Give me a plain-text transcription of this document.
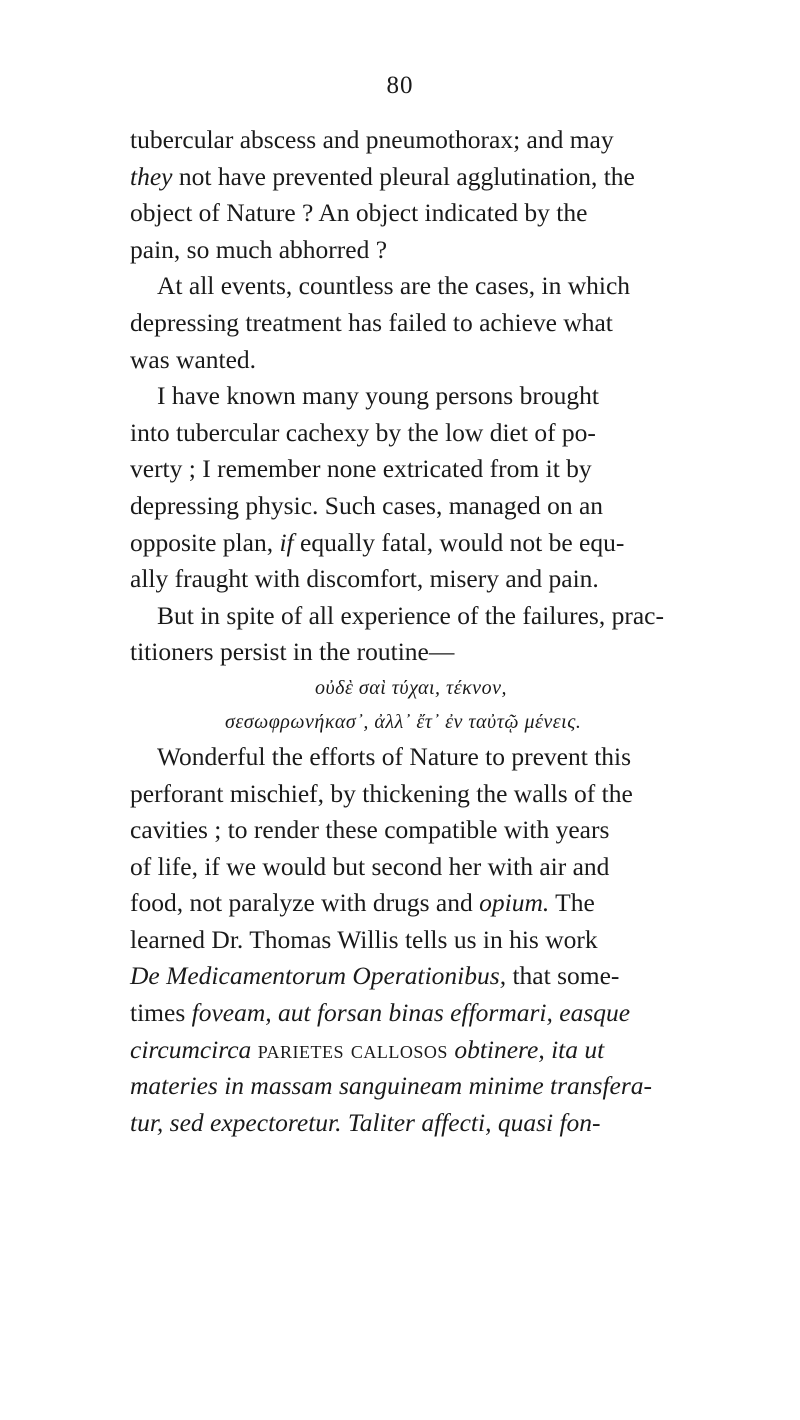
80
tubercular abscess and pneumothorax; and may
they not have prevented pleural agglutination, the
object of Nature ? An object indicated by the
pain, so much abhorred ?
At all events, countless are the cases, in which
depressing treatment has failed to achieve what
was wanted.
I have known many young persons brought
into tubercular cachexy by the low diet of po-
verty ; I remember none extricated from it by
depressing physic. Such cases, managed on an
opposite plan, if equally fatal, would not be equ-
ally fraught with discomfort, misery and pain.
But in spite of all experience of the failures, prac-
titioners persist in the routine—
οὐδὲ σαὶ τύχαι, τέκνον,
σεσωφρωνήκασ᾽, ἀλλ᾽ ἔτ᾽ ἐν ταὐτῷ μένεις.
Wonderful the efforts of Nature to prevent this
perforant mischief, by thickening the walls of the
cavities ; to render these compatible with years
of life, if we would but second her with air and
food, not paralyze with drugs and opium. The
learned Dr. Thomas Willis tells us in his work
De Medicamentorum Operationibus, that some-
times foveam, aut forsan binas efformari, easque
circumcirca parietes callosos obtinere, ita ut
materies in massam sanguineam minime transfera-
tur, sed expectoretur. Taliter affecti, quasi fon-
